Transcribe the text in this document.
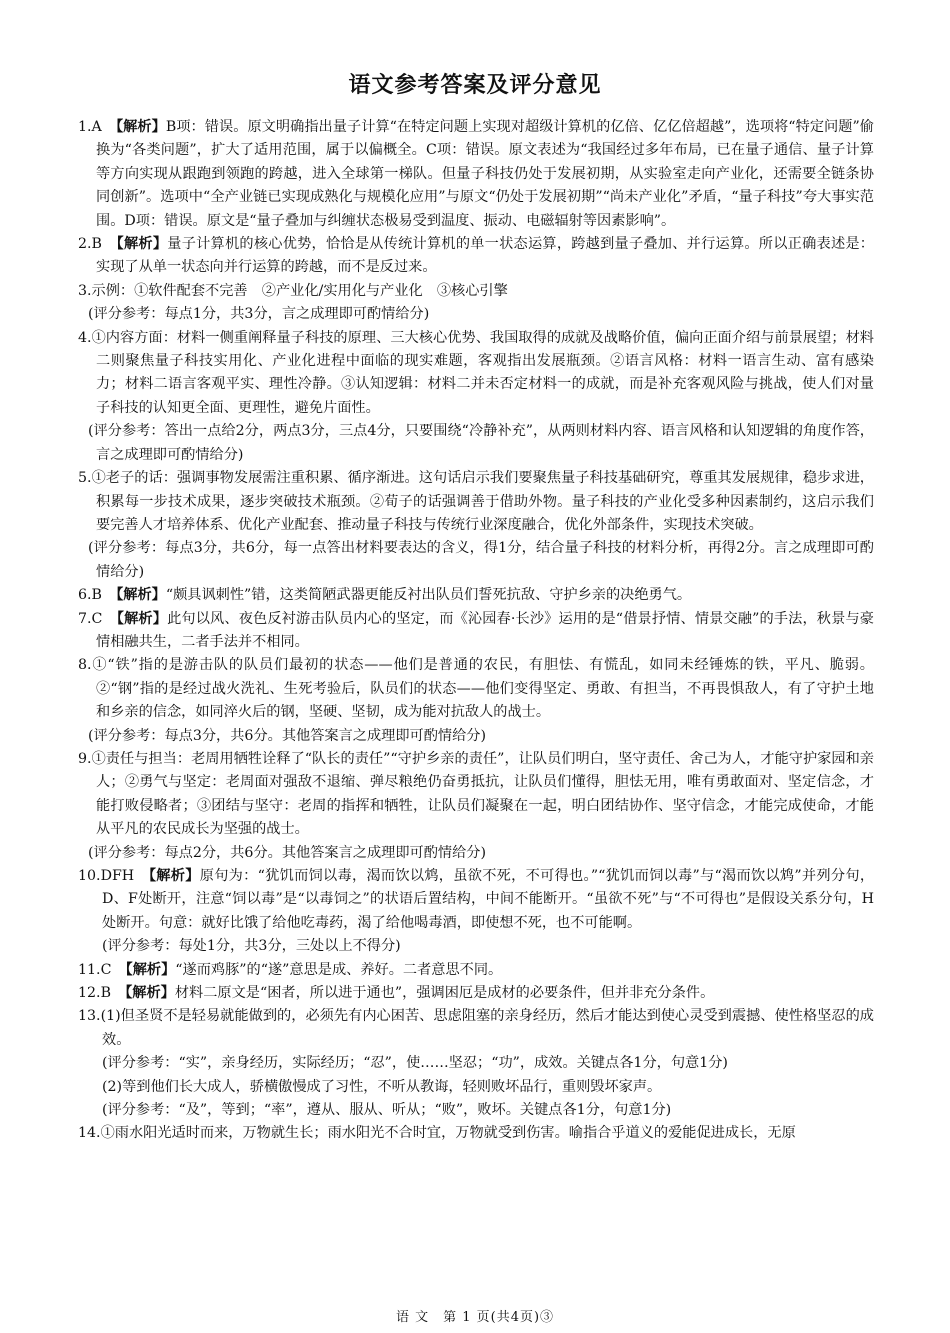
语文参考答案及评分意见

1.A　 【解析】B项：错误。原文明确指出量子计算“在特定问题上实现对超级计算机的亿倍、亿亿倍超越”，选项将“特定问题”偷换为“各类问题”，扩大了适用范围，属于以偏概全。C项：错误。原文表述为“我国经过多年布局，已在量子通信、量子计算等方向实现从跟跑到领跑的跨越，进入全球第一梯队。但量子科技仍处于发展初期，从实验室走向产业化，还需要全链条协同创新”。选项中“全产业链已实现成熟化与规模化应用”与原文“仍处于发展初期”“尚未产业化”矛盾，“量子科技”夸大事实范围。D项：错误。原文是“量子叠加与纠缠状态极易受到温度、振动、电磁辐射等因素影响”。

2.B　 【解析】量子计算机的核心优势，恰恰是从传统计算机的单一状态运算，跨越到量子叠加、并行运算。所以正确表述是：实现了从单一状态向并行运算的跨越，而不是反过来。

3.示例：①软件配套不完善　②产业化/实用化与产业化　③核心引擎

(评分参考：每点1分，共3分，言之成理即可酌情给分)

4.①内容方面：材料一侧重阐释量子科技的原理、三大核心优势、我国取得的成就及战略价值，偏向正面介绍与前景展望；材料二则聚焦量子科技实用化、产业化进程中面临的现实难题，客观指出发展瓶颈。②语言风格：材料一语言生动、富有感染力；材料二语言客观平实、理性冷静。③认知逻辑：材料二并未否定材料一的成就，而是补充客观风险与挑战，使人们对量子科技的认知更全面、更理性，避免片面性。

(评分参考：答出一点给2分，两点3分，三点4分，只要围绕“冷静补充”，从两则材料内容、语言风格和认知逻辑的角度作答，言之成理即可酌情给分)

5.①老子的话：强调事物发展需注重积累、循序渐进。这句话启示我们要聚焦量子科技基础研究，尊重其发展规律，稳步求进，积累每一步技术成果，逐步突破技术瓶颈。②荀子的话强调善于借助外物。量子科技的产业化受多种因素制约，这启示我们要完善人才培养体系、优化产业配套、推动量子科技与传统行业深度融合，优化外部条件，实现技术突破。

(评分参考：每点3分，共6分，每一点答出材料要表达的含义，得1分，结合量子科技的材料分析，再得2分。言之成理即可酌情给分)

6.B　 【解析】“颇具讽刺性”错，这类简陋武器更能反衬出队员们誓死抗敌、守护乡亲的决绝勇气。

7.C　 【解析】此句以风、夜色反衬游击队员内心的坚定，而《沁园春·长沙》运用的是“借景抒情、情景交融”的手法，秋景与豪情相融共生，二者手法并不相同。

8.①“铁”指的是游击队的队员们最初的状态——他们是普通的农民，有胆怯、有慌乱，如同未经锤炼的铁，平凡、脆弱。②“钢”指的是经过战火洗礼、生死考验后，队员们的状态——他们变得坚定、勇敢、有担当，不再畏惧敌人，有了守护土地和乡亲的信念，如同淬火后的钢，坚硬、坚韧，成为能对抗敌人的战士。

(评分参考：每点3分，共6分。其他答案言之成理即可酌情给分)

9.①责任与担当：老周用牺牲诠释了“队长的责任”“守护乡亲的责任”，让队员们明白，坚守责任、舍己为人，才能守护家园和亲人；②勇气与坚定：老周面对强敌不退缩、弹尽粮绝仍奋勇抵抗，让队员们懂得，胆怯无用，唯有勇敢面对、坚定信念，才能打败侵略者；③团结与坚守：老周的指挥和牺牲，让队员们凝聚在一起，明白团结协作、坚守信念，才能完成使命，才能从平凡的农民成长为坚强的战士。

(评分参考：每点2分，共6分。其他答案言之成理即可酌情给分)

10.DFH　 【解析】原句为：“犹饥而饲以毒，渴而饮以鸩，虽欲不死，不可得也。”“犹饥而饲以毒”与“渴而饮以鸩”并列分句，D、F处断开，注意“饲以毒”是“以毒饲之”的状语后置结构，中间不能断开。“虽欲不死”与“不可得也”是假设关系分句，H处断开。句意：就好比饿了给他吃毒药，渴了给他喝毒酒，即使想不死，也不可能啊。

(评分参考：每处1分，共3分，三处以上不得分)

11.C　 【解析】“遂而鸡豚”的“遂”意思是成、养好。二者意思不同。

12.B　 【解析】材料二原文是“困者，所以进于通也”，强调困厄是成材的必要条件，但并非充分条件。

13.(1)但圣贤不是轻易就能做到的，必须先有内心困苦、思虑阻塞的亲身经历，然后才能达到使心灵受到震撼、使性格坚忍的成效。

(评分参考：“实”，亲身经历，实际经历；“忍”，使……坚忍；“功”，成效。关键点各1分，句意1分)

(2)等到他们长大成人，骄横傲慢成了习性，不听从教诲，轻则败坏品行，重则毁坏家声。

(评分参考：“及”，等到；“率”，遵从、服从、听从；“败”，败坏。关键点各1分，句意1分)

14.①雨水阳光适时而来，万物就生长；雨水阳光不合时宜，万物就受到伤害。喻指合乎道义的爱能促进成长，无原

语 文　第 1 页(共4页)③
